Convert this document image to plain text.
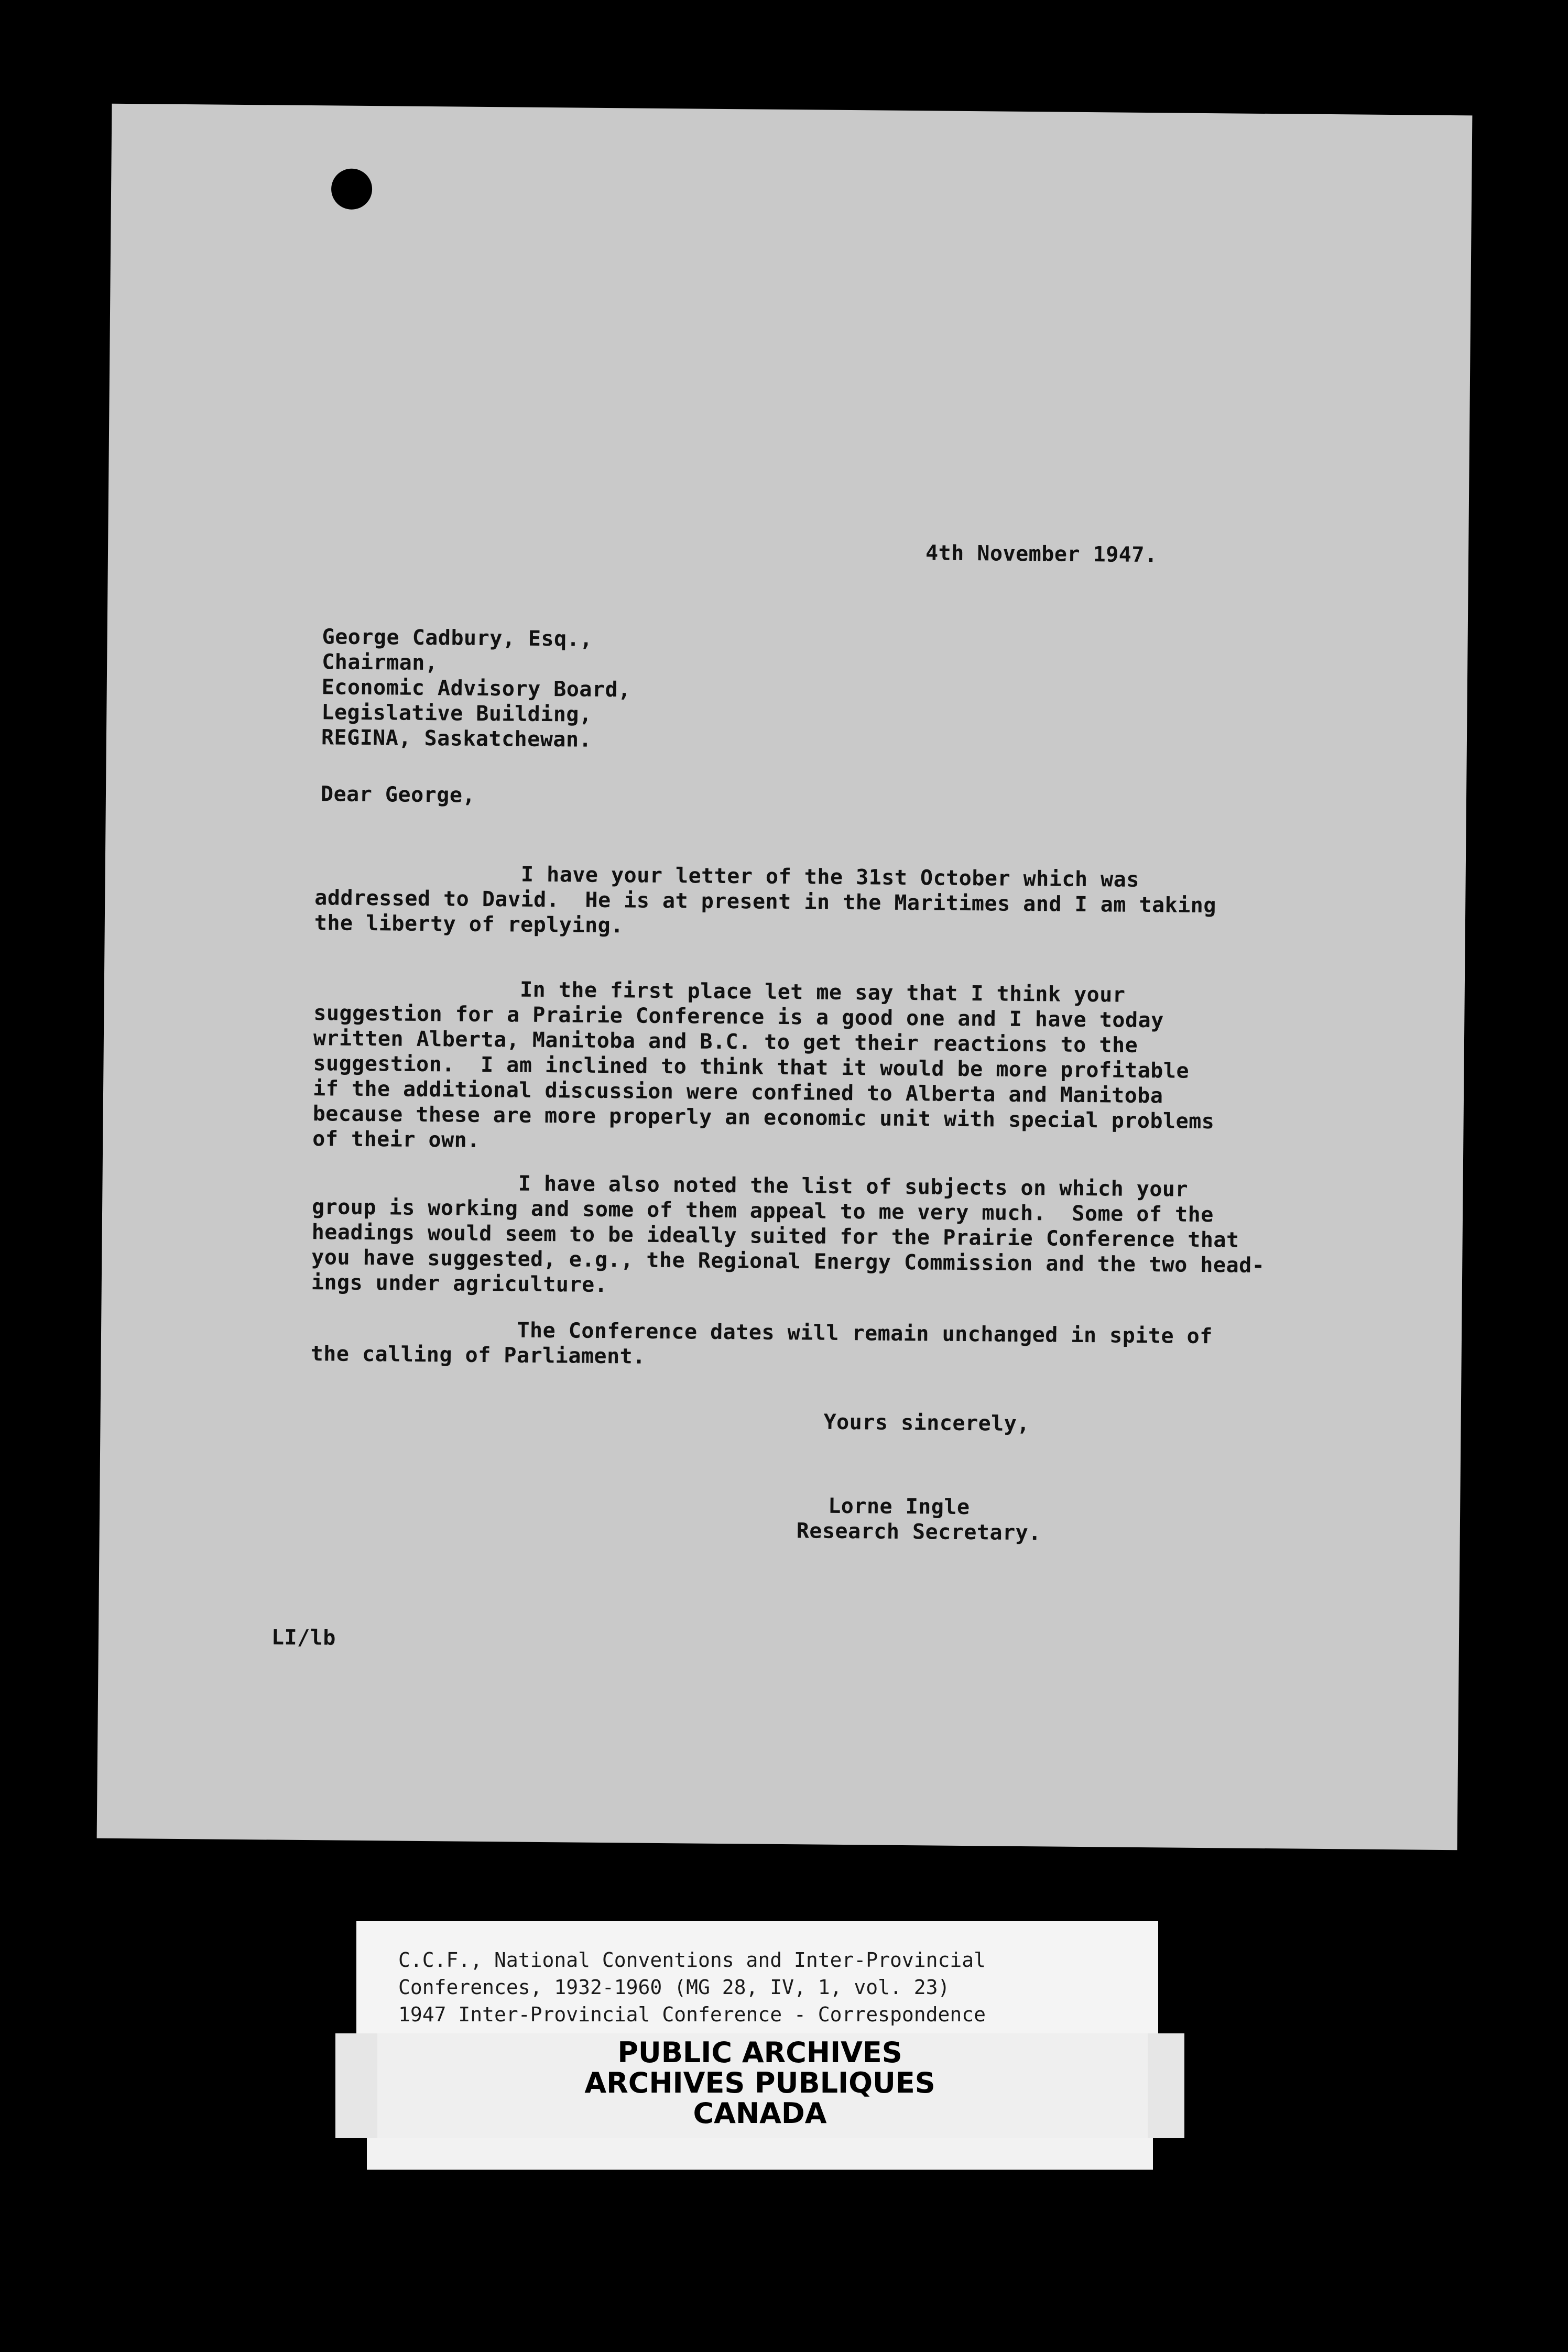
4th November 1947.
George Cadbury, Esq.,
Chairman,
Economic Advisory Board,
Legislative Building,
REGINA, Saskatchewan.
Dear George,
I have your letter of the 31st October which was
addressed to David.  He is at present in the Maritimes and I am taking
the liberty of replying.
In the first place let me say that I think your
suggestion for a Prairie Conference is a good one and I have today
written Alberta, Manitoba and B.C. to get their reactions to the
suggestion.  I am inclined to think that it would be more profitable
if the additional discussion were confined to Alberta and Manitoba
because these are more properly an economic unit with special problems
of their own.
I have also noted the list of subjects on which your
group is working and some of them appeal to me very much.  Some of the
headings would seem to be ideally suited for the Prairie Conference that
you have suggested, e.g., the Regional Energy Commission and the two head-
ings under agriculture.
The Conference dates will remain unchanged in spite of
the calling of Parliament.
Yours sincerely,
Lorne Ingle
Research Secretary.
LI/lb
C.C.F., National Conventions and Inter-Provincial
Conferences, 1932-1960 (MG 28, IV, 1, vol. 23)
1947 Inter-Provincial Conference - Correspondence
PUBLIC ARCHIVES
ARCHIVES PUBLIQUES
CANADA
